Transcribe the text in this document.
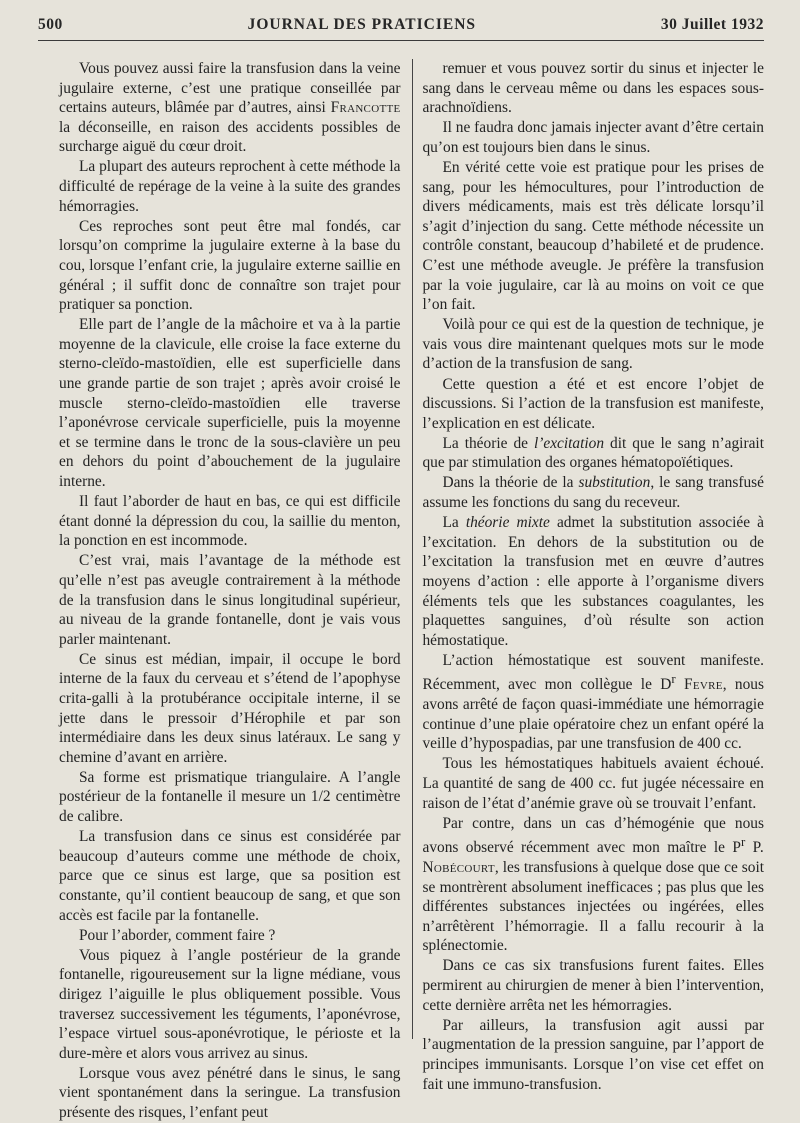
500	JOURNAL DES PRATICIENS	30 Juillet 1932

Vous pouvez aussi faire la transfusion dans la veine jugulaire externe, c’est une pratique conseillée par certains auteurs, blâmée par d’autres, ainsi Francotte la déconseille, en raison des accidents possibles de surcharge aiguë du cœur droit.

La plupart des auteurs reprochent à cette méthode la difficulté de repérage de la veine à la suite des grandes hémorragies.

Ces reproches sont peut être mal fondés, car lorsqu’on comprime la jugulaire externe à la base du cou, lorsque l’enfant crie, la jugulaire externe saillie en général ; il suffit donc de connaître son trajet pour pratiquer sa ponction.

Elle part de l’angle de la mâchoire et va à la partie moyenne de la clavicule, elle croise la face externe du sterno-cleïdo-mastoïdien, elle est superficielle dans une grande partie de son trajet ; après avoir croisé le muscle sterno-cleïdo-mastoïdien elle traverse l’aponévrose cervicale superficielle, puis la moyenne et se termine dans le tronc de la sous-clavière un peu en dehors du point d’abouchement de la jugulaire interne.

Il faut l’aborder de haut en bas, ce qui est difficile étant donné la dépression du cou, la saillie du menton, la ponction en est incommode.

C’est vrai, mais l’avantage de la méthode est qu’elle n’est pas aveugle contrairement à la méthode de la transfusion dans le sinus longitudinal supérieur, au niveau de la grande fontanelle, dont je vais vous parler maintenant.

Ce sinus est médian, impair, il occupe le bord interne de la faux du cerveau et s’étend de l’apophyse crita-galli à la protubérance occipitale interne, il se jette dans le pressoir d’Hérophile et par son intermédiaire dans les deux sinus latéraux. Le sang y chemine d’avant en arrière.

Sa forme est prismatique triangulaire. A l’angle postérieur de la fontanelle il mesure un 1/2 centimètre de calibre.

La transfusion dans ce sinus est considérée par beaucoup d’auteurs comme une méthode de choix, parce que ce sinus est large, que sa position est constante, qu’il contient beaucoup de sang, et que son accès est facile par la fontanelle.

Pour l’aborder, comment faire ?

Vous piquez à l’angle postérieur de la grande fontanelle, rigoureusement sur la ligne médiane, vous dirigez l’aiguille le plus obliquement possible. Vous traversez successivement les téguments, l’aponévrose, l’espace virtuel sous-aponévrotique, le périoste et la dure-mère et alors vous arrivez au sinus.

Lorsque vous avez pénétré dans le sinus, le sang vient spontanément dans la seringue. La transfusion présente des risques, l’enfant peut

remuer et vous pouvez sortir du sinus et injecter le sang dans le cerveau même ou dans les espaces sous-arachnoïdiens.

Il ne faudra donc jamais injecter avant d’être certain qu’on est toujours bien dans le sinus.

En vérité cette voie est pratique pour les prises de sang, pour les hémocultures, pour l’introduction de divers médicaments, mais est très délicate lorsqu’il s’agit d’injection du sang. Cette méthode nécessite un contrôle constant, beaucoup d’habileté et de prudence. C’est une méthode aveugle. Je préfère la transfusion par la voie jugulaire, car là au moins on voit ce que l’on fait.

Voilà pour ce qui est de la question de technique, je vais vous dire maintenant quelques mots sur le mode d’action de la transfusion de sang.

Cette question a été et est encore l’objet de discussions. Si l’action de la transfusion est manifeste, l’explication en est délicate.

La théorie de l’excitation dit que le sang n’agirait que par stimulation des organes hématopoïétiques.

Dans la théorie de la substitution, le sang transfusé assume les fonctions du sang du receveur.

La théorie mixte admet la substitution associée à l’excitation. En dehors de la substitution ou de l’excitation la transfusion met en œuvre d’autres moyens d’action : elle apporte à l’organisme divers éléments tels que les substances coagulantes, les plaquettes sanguines, d’où résulte son action hémostatique.

L’action hémostatique est souvent manifeste. Récemment, avec mon collègue le $D^r$ Fevre, nous avons arrêté de façon quasi-immédiate une hémorragie continue d’une plaie opératoire chez un enfant opéré la veille d’hypospadias, par une transfusion de 400 cc.

Tous les hémostatiques habituels avaient échoué. La quantité de sang de 400 cc. fut jugée nécessaire en raison de l’état d’anémie grave où se trouvait l’enfant.

Par contre, dans un cas d’hémogénie que nous avons observé récemment avec mon maître le $P^r$ P. Nobécourt, les transfusions à quelque dose que ce soit se montrèrent absolument inefficaces ; pas plus que les différentes substances injectées ou ingérées, elles n’arrêtèrent l’hémorragie. Il a fallu recourir à la splénectomie.

Dans ce cas six transfusions furent faites. Elles permirent au chirurgien de mener à bien l’intervention, cette dernière arrêta net les hémorragies.

Par ailleurs, la transfusion agit aussi par l’augmentation de la pression sanguine, par l’apport de principes immunisants. Lorsque l’on vise cet effet on fait une immuno-transfusion.
